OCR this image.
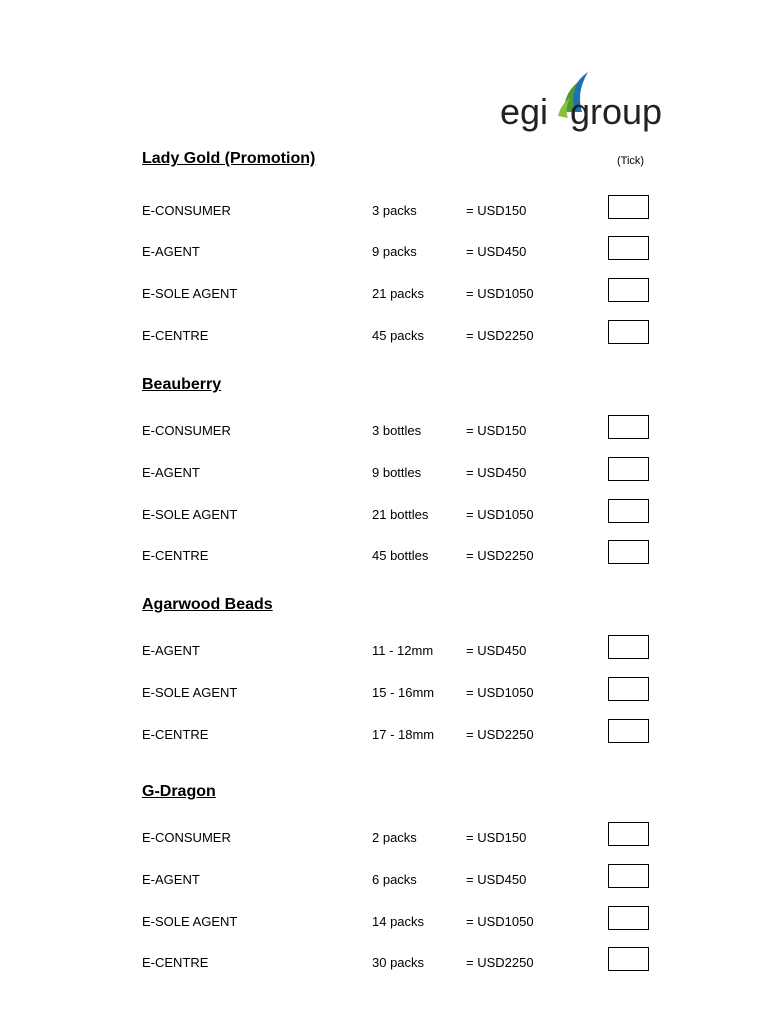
egi group
(Tick)
Lady Gold (Promotion)
E-CONSUMER	3 packs	= USD150
E-AGENT	9 packs	= USD450
E-SOLE AGENT	21 packs	= USD1050
E-CENTRE	45 packs	= USD2250
Beauberry
E-CONSUMER	3 bottles	= USD150
E-AGENT	9 bottles	= USD450
E-SOLE AGENT	21 bottles	= USD1050
E-CENTRE	45 bottles	= USD2250
Agarwood Beads
E-AGENT	11 - 12mm	= USD450
E-SOLE AGENT	15 - 16mm = USD1050
E-CENTRE	17 - 18mm = USD2250
G-Dragon
E-CONSUMER	2 packs	= USD150
E-AGENT	6 packs	= USD450
E-SOLE AGENT	14 packs	= USD1050
E-CENTRE	30 packs	= USD2250
